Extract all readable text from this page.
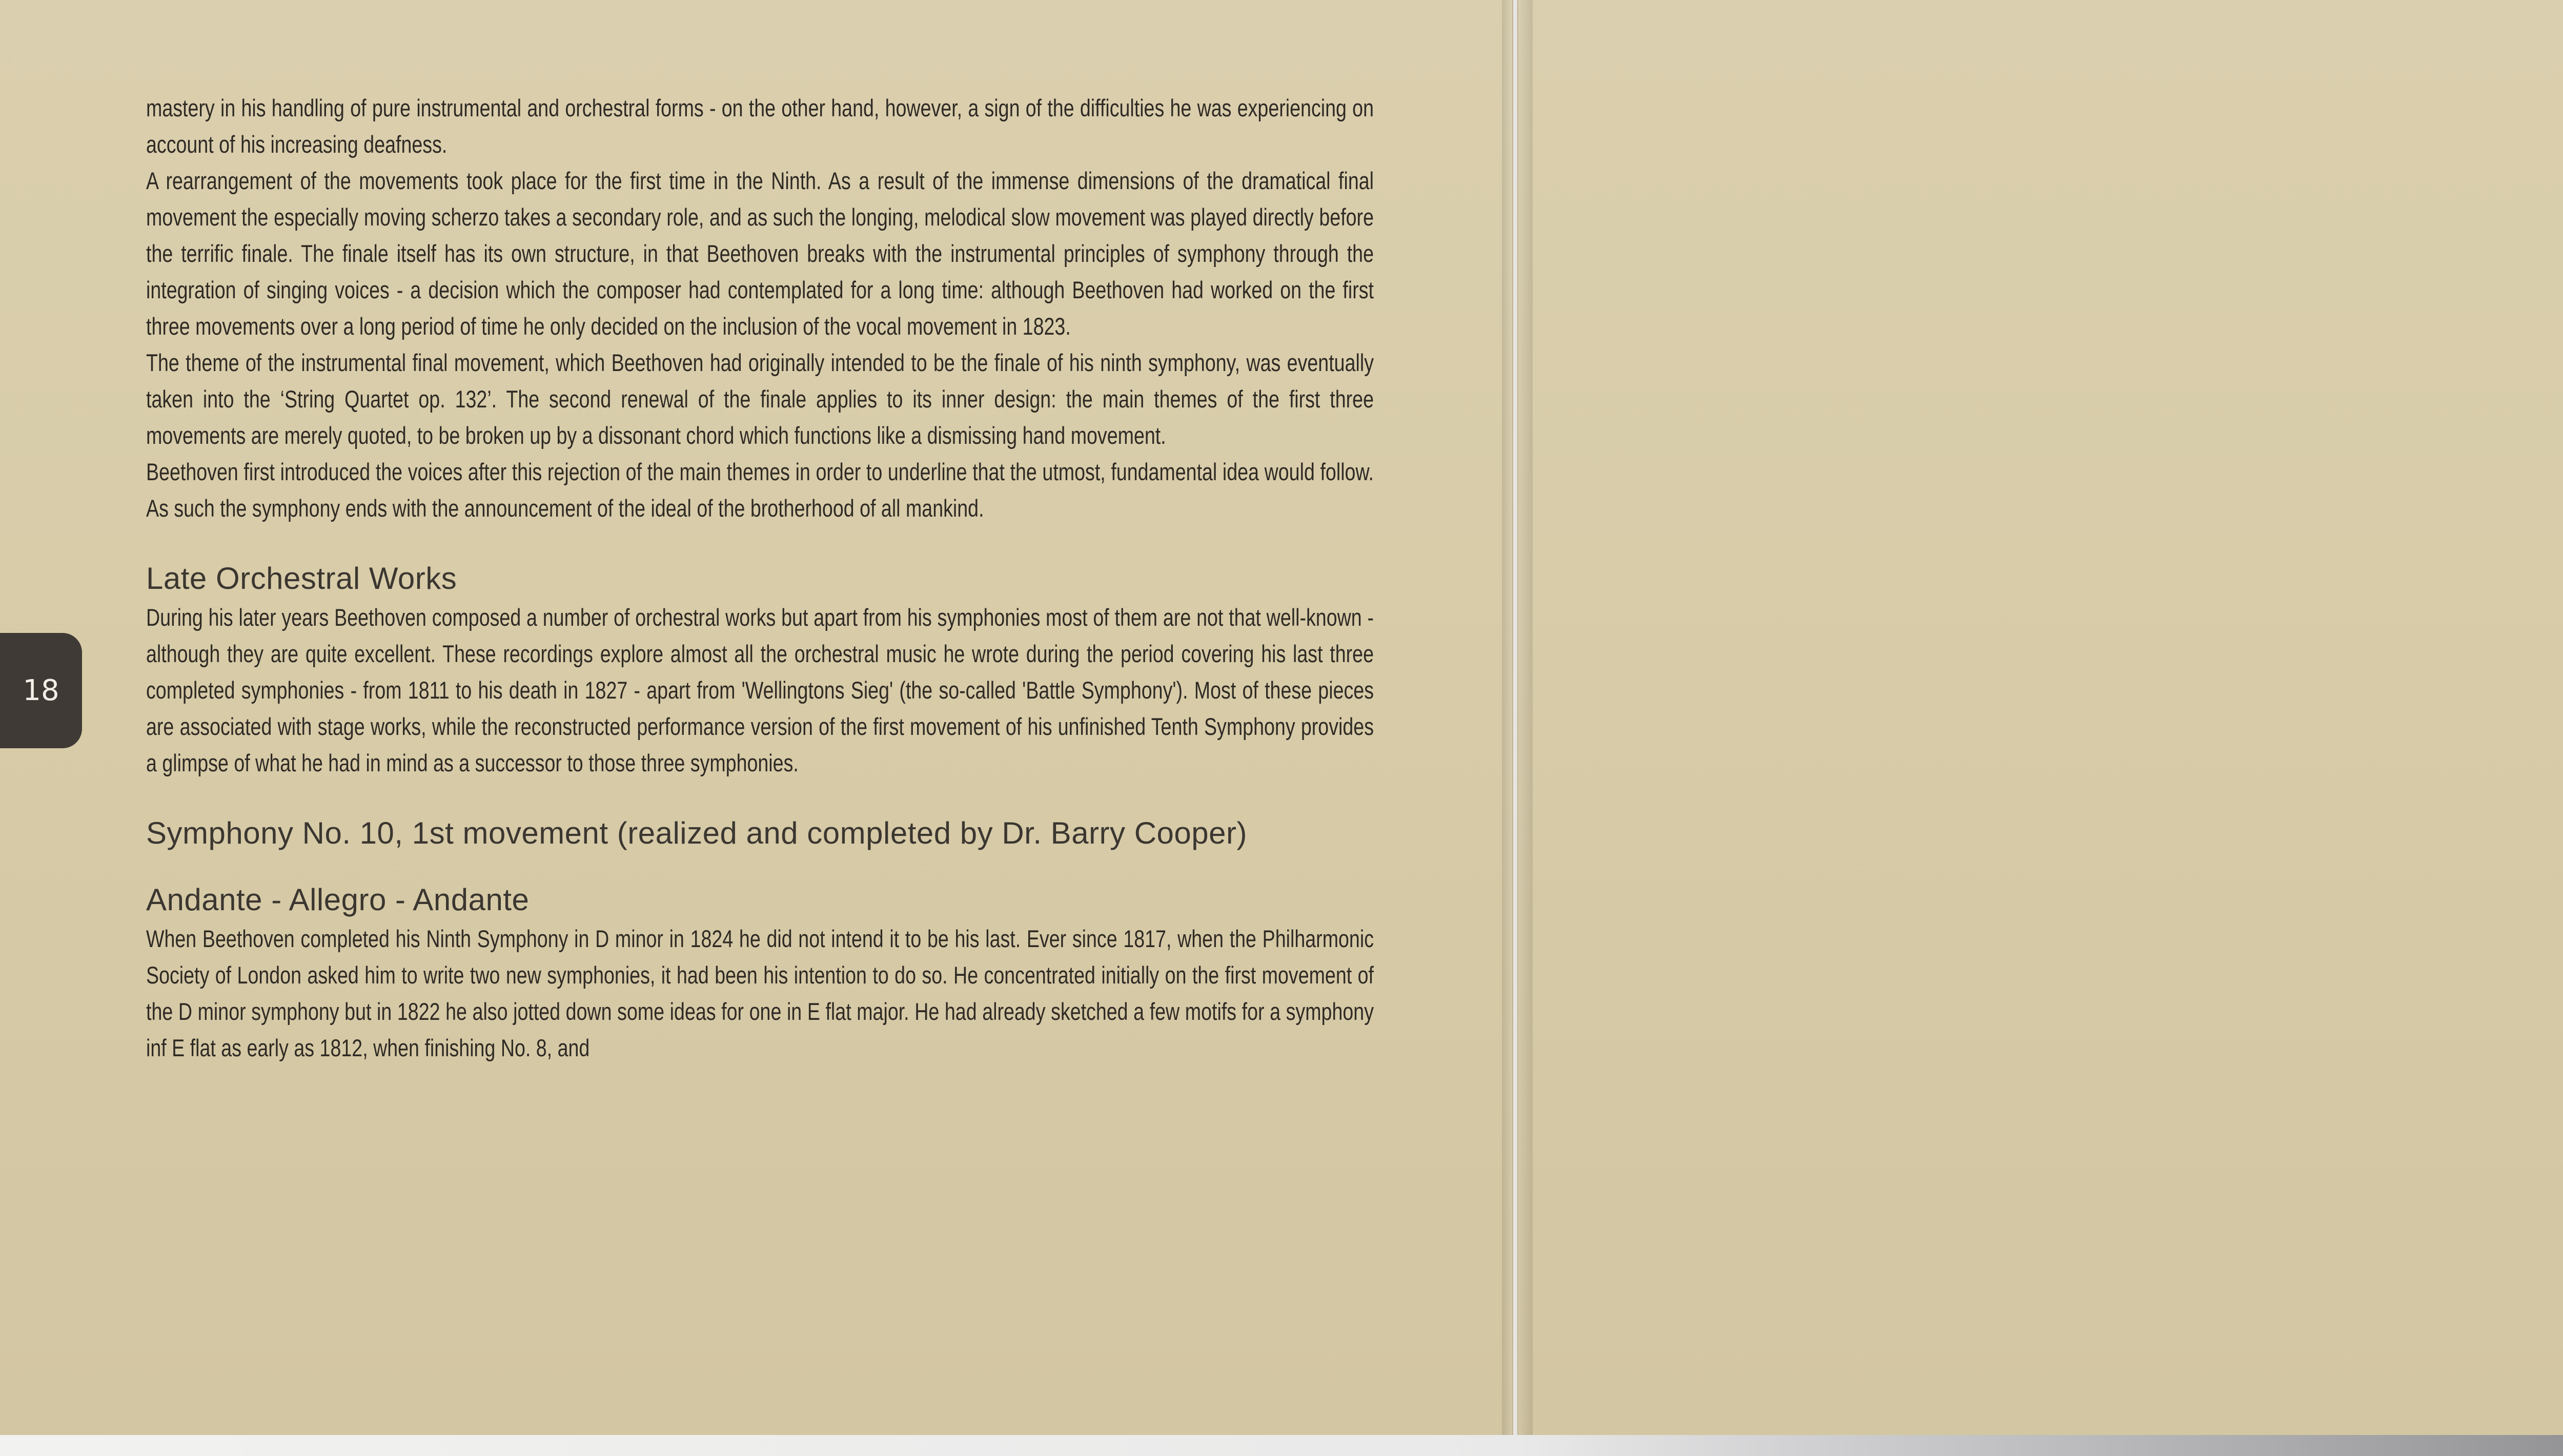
mastery in his handling of pure instrumental and orchestral forms - on the other hand, however, a sign of the difficulties he was experiencing on account of his increasing deafness.

A rearrangement of the movements took place for the first time in the Ninth. As a result of the immense dimensions of the dramatical final movement the especially moving scherzo takes a secondary role, and as such the longing, melodical slow movement was played directly before the terrific finale. The finale itself has its own structure, in that Beethoven breaks with the instrumental principles of symphony through the integration of singing voices - a decision which the composer had contemplated for a long time: although Beethoven had worked on the first three movements over a long period of time he only decided on the inclusion of the vocal movement in 1823.

The theme of the instrumental final movement, which Beethoven had originally intended to be the finale of his ninth symphony, was eventually taken into the ‘String Quartet op. 132’. The second renewal of the finale applies to its inner design: the main themes of the first three movements are merely quoted, to be broken up by a dissonant chord which functions like a dismissing hand movement.

Beethoven first introduced the voices after this rejection of the main themes in order to underline that the utmost, fundamental idea would follow. As such the symphony ends with the announcement of the ideal of the brotherhood of all mankind.

Late Orchestral Works

During his later years Beethoven composed a number of orchestral works but apart from his symphonies most of them are not that well-known - although they are quite excellent. These recordings explore almost all the orchestral music he wrote during the period covering his last three completed symphonies - from 1811 to his death in 1827 - apart from 'Wellingtons Sieg' (the so-called 'Battle Symphony'). Most of these pieces are associated with stage works, while the reconstructed performance version of the first movement of his unfinished Tenth Symphony provides a glimpse of what he had in mind as a successor to those three symphonies.

Symphony No. 10, 1st movement (realized and completed by Dr. Barry Cooper)
Andante - Allegro - Andante

When Beethoven completed his Ninth Symphony in D minor in 1824 he did not intend it to be his last. Ever since 1817, when the Philharmonic Society of London asked him to write two new symphonies, it had been his intention to do so. He concentrated initially on the first movement of the D minor symphony but in 1822 he also jotted down some ideas for one in E flat major. He had already sketched a few motifs for a symphony inf E flat as early as 1812, when finishing No. 8, and

18
